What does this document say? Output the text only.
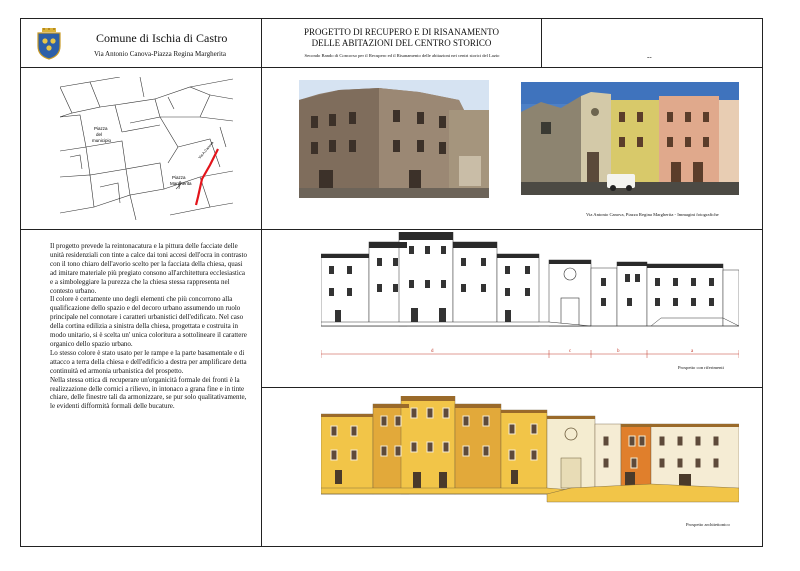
Comune di Ischia di Castro
Via Antonio Canova-Piazza Regina Margherita
PROGETTO DI RECUPERO E DI RISANAMENTO
DELLE ABITAZIONI DEL CENTRO STORICO
Secondo Bando di Concorso per il Recupero ed il Risanamento delle abitazioni nei centri storici del Lazio	--
Piazza
del
municipio
Piazza
Margherita
Via A.Canova
Via Antonio Canova, Piazza Regina Margherita - Immagini fotografiche

Il progetto prevede la reintonacatura e la pittura delle facciate delle unità residenziali con tinte a calce dai toni accesi dell'ocra in contrasto con il tono chiaro dell'avorio scelto per la facciata della chiesa, quasi ad imitare materiale più pregiato consono all'architettura ecclesiastica e a simboleggiare la purezza che la chiesa stessa rappresenta nel contesto urbano.

Il colore è certamente uno degli elementi che più concorrono alla qualificazione dello spazio e del decoro urbano assumendo un ruolo principale nel connotare i caratteri urbanistici dell'edificato. Nel caso della cortina edilizia a sinistra della chiesa, progettata e costruita in modo unitario, si è scelta un' unica coloritura a sottolineare il carattere organico dello spazio urbano.

Lo stesso colore è stato usato per le rampe e la parte basamentale e di attacco a terra della chiesa e dell'edificio a destra per amplificare detta continuità ed armonia urbanistica del prospetto.

Nella stessa ottica di recuperare un'organicità formale dei fronti è la realizzazione delle cornici a rilievo, in intonaco a grana fine e in tinte chiare, delle finestre tali da armonizzare, se pur solo qualitativamente, le evidenti difformità formali delle bucature.

d	c	b	a
Prospetto con riferimenti
Prospetto architettonico
